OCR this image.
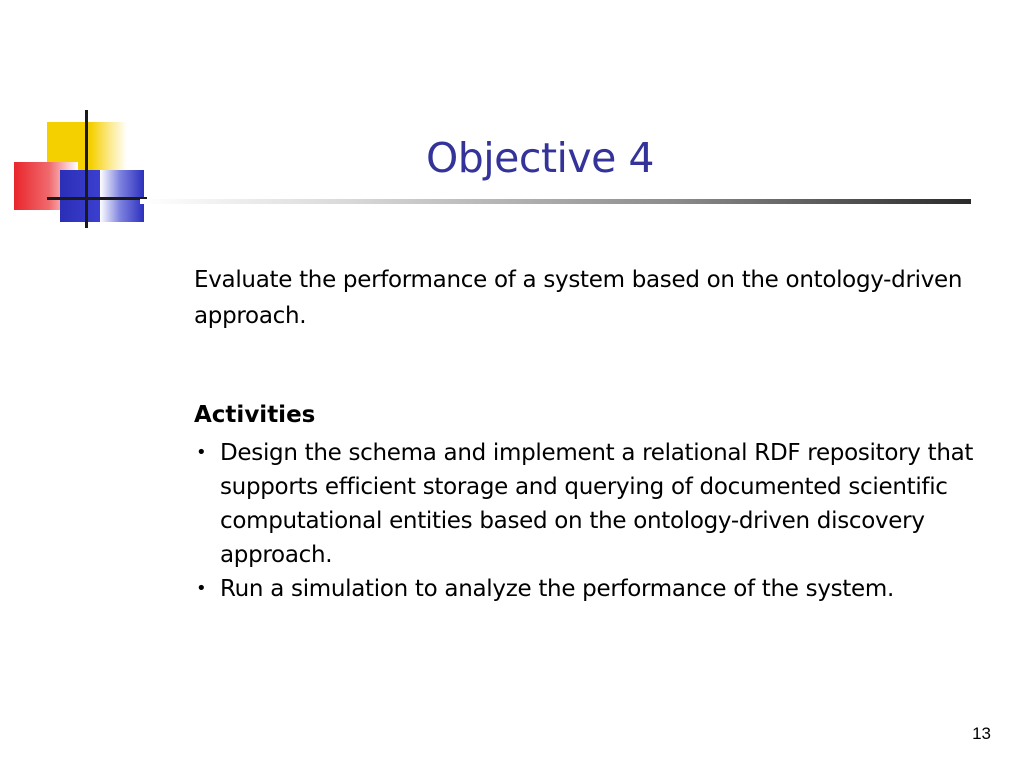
Objective 4

Evaluate the performance of a system based on the ontology-driven approach.

Activities
• Design the schema and implement a relational RDF repository that supports efficient storage and querying of documented scientific computational entities based on the ontology-driven discovery approach.
• Run a simulation to analyze the performance of the system.
13
